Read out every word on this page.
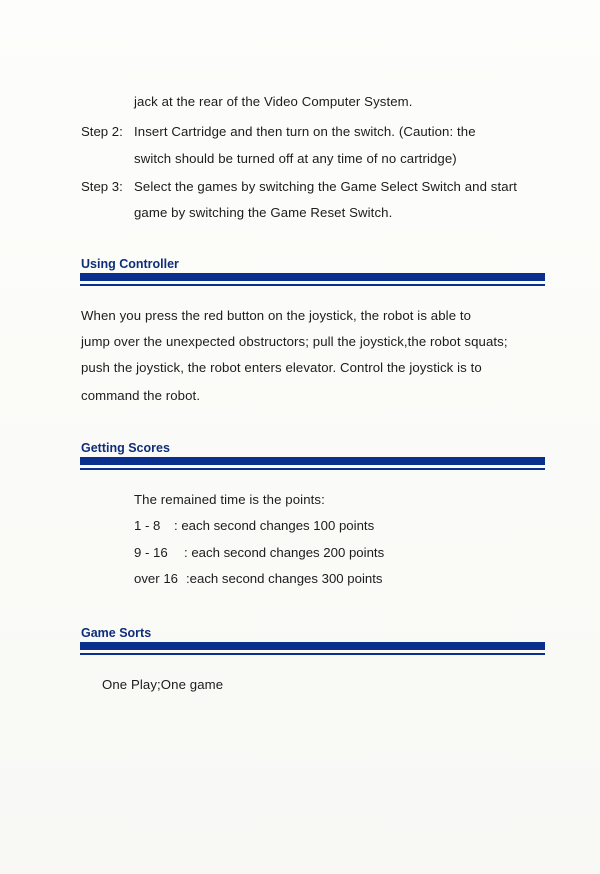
jack at the rear of the Video Computer System.
Step 2: Insert Cartridge and then turn on the switch. (Caution: the
switch should be turned off at any time of no cartridge)
Step 3: Select the games by switching the Game Select Switch and start
game by switching the Game Reset Switch.
Using Controller
When you press the red button on the joystick, the robot is able to
jump over the unexpected obstructors; pull the joystick,the robot squats;
push the joystick, the robot enters elevator. Control the joystick is to
command the robot.
Getting Scores
The remained time is the points:
1 - 8 : each second changes 100 points
9 - 16 : each second changes 200 points
over 16 :each second changes 300 points
Game Sorts
One Play;One game
